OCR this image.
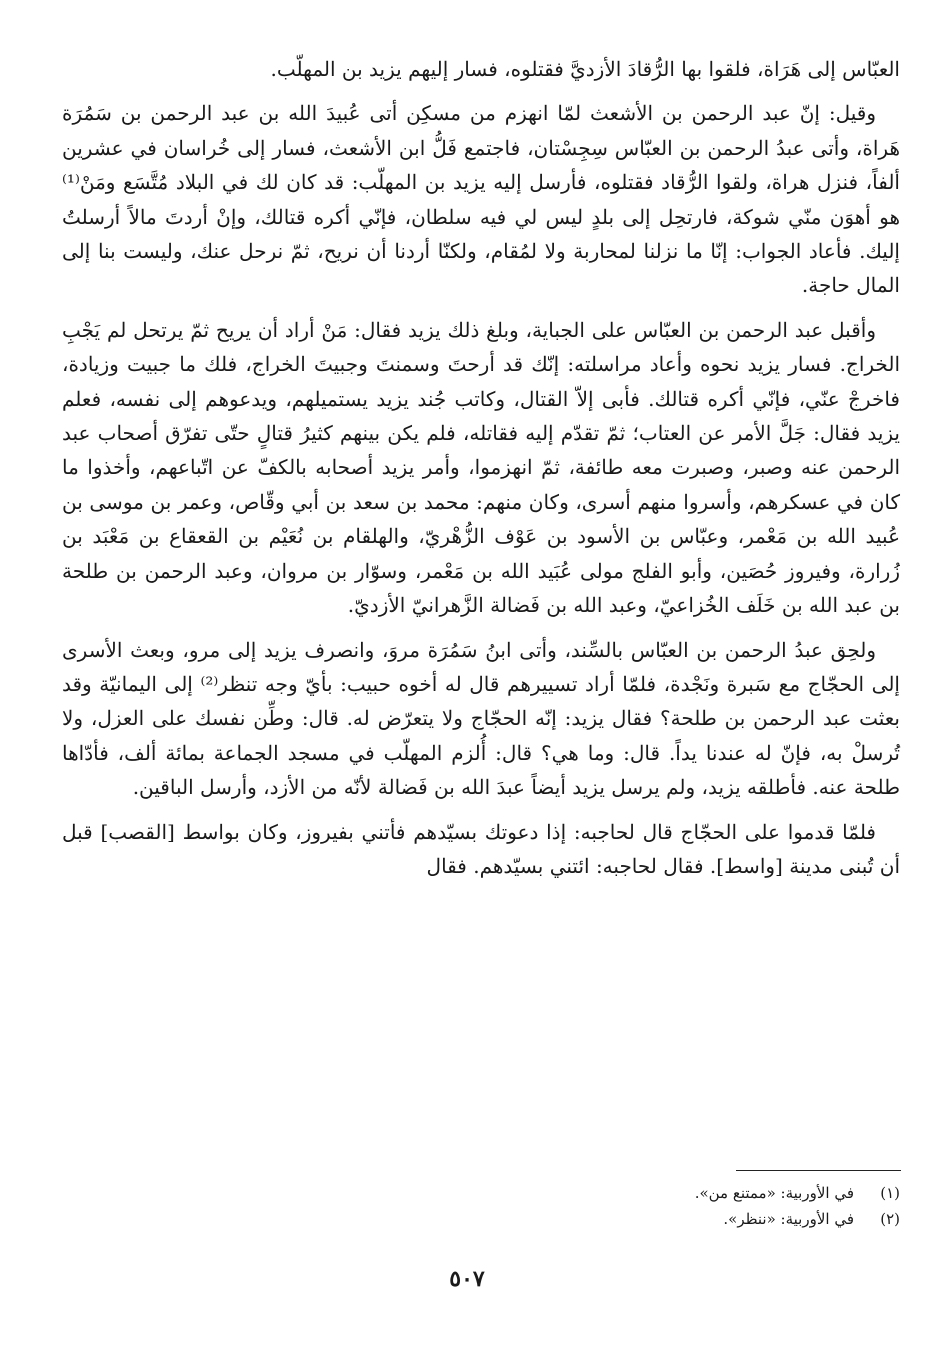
العبّاس إلى هَرَاة، فلقوا بها الرُّقادَ الأزديَّ فقتلوه، فسار إليهم يزيد بن المهلّب.

وقيل: إنّ عبد الرحمن بن الأشعث لمّا انهزم من مسكِن أتى عُبيدَ الله بن عبد الرحمن بن سَمُرَة هَراة، وأتى عبدُ الرحمن بن العبّاس سِجِسْتان، فاجتمع فَلُّ ابن الأشعث، فسار إلى خُراسان في عشرين ألفاً، فنزل هراة، ولقوا الرُّقاد فقتلوه، فأرسل إليه يزيد بن المهلّب: قد كان لك في البلاد مُتَّسَع ومَنْ⁽¹⁾ هو أهوَن منّي شوكة، فارتحِل إلى بلدٍ ليس لي فيه سلطان، فإنّي أكره قتالك، وإنْ أردتَ مالاً أرسلتُ إليك. فأعاد الجواب: إنّا ما نزلنا لمحاربة ولا لمُقام، ولكنّا أردنا أن نريح، ثمّ نرحل عنك، وليست بنا إلى المال حاجة.

وأقبل عبد الرحمن بن العبّاس على الجباية، وبلغ ذلك يزيد فقال: مَنْ أراد أن يريح ثمّ يرتحل لم يَجْبِ الخراج. فسار يزيد نحوه وأعاد مراسلته: إنّك قد أرحتَ وسمنتَ وجبيتَ الخراج، فلك ما جبيت وزيادة، فاخرجْ عنّي، فإنّي أكره قتالك. فأبى إلاّ القتال، وكاتب جُند يزيد يستميلهم، ويدعوهم إلى نفسه، فعلم يزيد فقال: جَلَّ الأمر عن العتاب؛ ثمّ تقدّم إليه فقاتله، فلم يكن بينهم كثيرُ قتالٍ حتّى تفرّق أصحاب عبد الرحمن عنه وصبر، وصبرت معه طائفة، ثمّ انهزموا، وأمر يزيد أصحابه بالكفّ عن اتّباعهم، وأخذوا ما كان في عسكرهم، وأسروا منهم أسرى، وكان منهم: محمد بن سعد بن أبي وقّاص، وعمر بن موسى بن عُبيد الله بن مَعْمر، وعبّاس بن الأسود بن عَوْف الزُّهْريّ، والهلقام بن نُعَيْم بن القعقاع بن مَعْبَد بن زُرارة، وفيروز حُصَين، وأبو الفلج مولى عُبَيد الله بن مَعْمر، وسوّار بن مروان، وعبد الرحمن بن طلحة بن عبد الله بن خَلَف الخُزاعيّ، وعبد الله بن فَضالة الزَّهرانيّ الأزديّ.

ولحِق عبدُ الرحمن بن العبّاس بالسِّند، وأتى ابنُ سَمُرَة مروَ، وانصرف يزيد إلى مرو، وبعث الأسرى إلى الحجّاج مع سَبرة ونَجْدة، فلمّا أراد تسييرهم قال له أخوه حبيب: بأيّ وجه تنظر⁽²⁾ إلى اليمانيّة وقد بعثت عبد الرحمن بن طلحة؟ فقال يزيد: إنّه الحجّاج ولا يتعرّض له. قال: وطِّن نفسك على العزل، ولا تُرسلْ به، فإنّ له عندنا يداً. قال: وما هي؟ قال: أُلزم المهلّب في مسجد الجماعة بمائة ألف، فأدّاها طلحة عنه. فأطلقه يزيد، ولم يرسل يزيد أيضاً عبدَ الله بن فَضالة لأنّه من الأزد، وأرسل الباقين.

فلمّا قدموا على الحجّاج قال لحاجبه: إذا دعوتك بسيّدهم فأتني بفيروز، وكان بواسط [القصب] قبل أن تُبنى مدينة [واسط]. فقال لحاجبه: ائتني بسيّدهم. فقال

(١)في الأوربية: «ممتنع من».
(٢)في الأوربية: «ننظر».
٥٠٧
